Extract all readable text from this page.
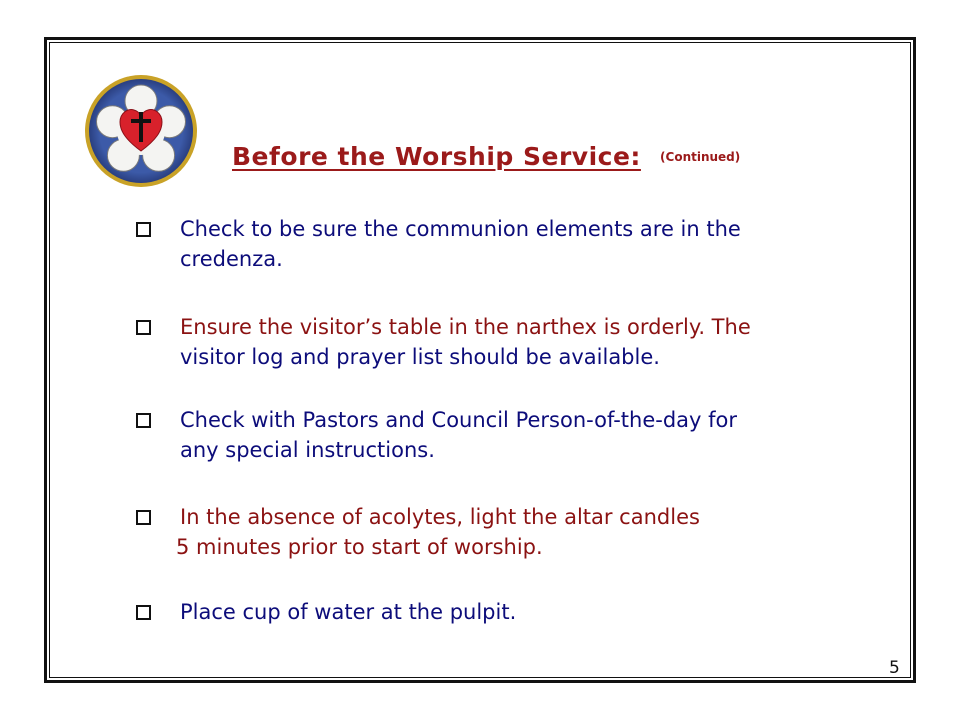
Before the Worship Service: $^{(Continued)}$
Check to be sure the communion elements are in the
credenza.
Ensure the visitor’s table in the narthex is orderly. The
visitor log and prayer list should be available.
Check with Pastors and Council Person-of-the-day for
any special instructions.
In the absence of acolytes, light the altar candles
5 minutes prior to start of worship.
Place cup of water at the pulpit.
5
